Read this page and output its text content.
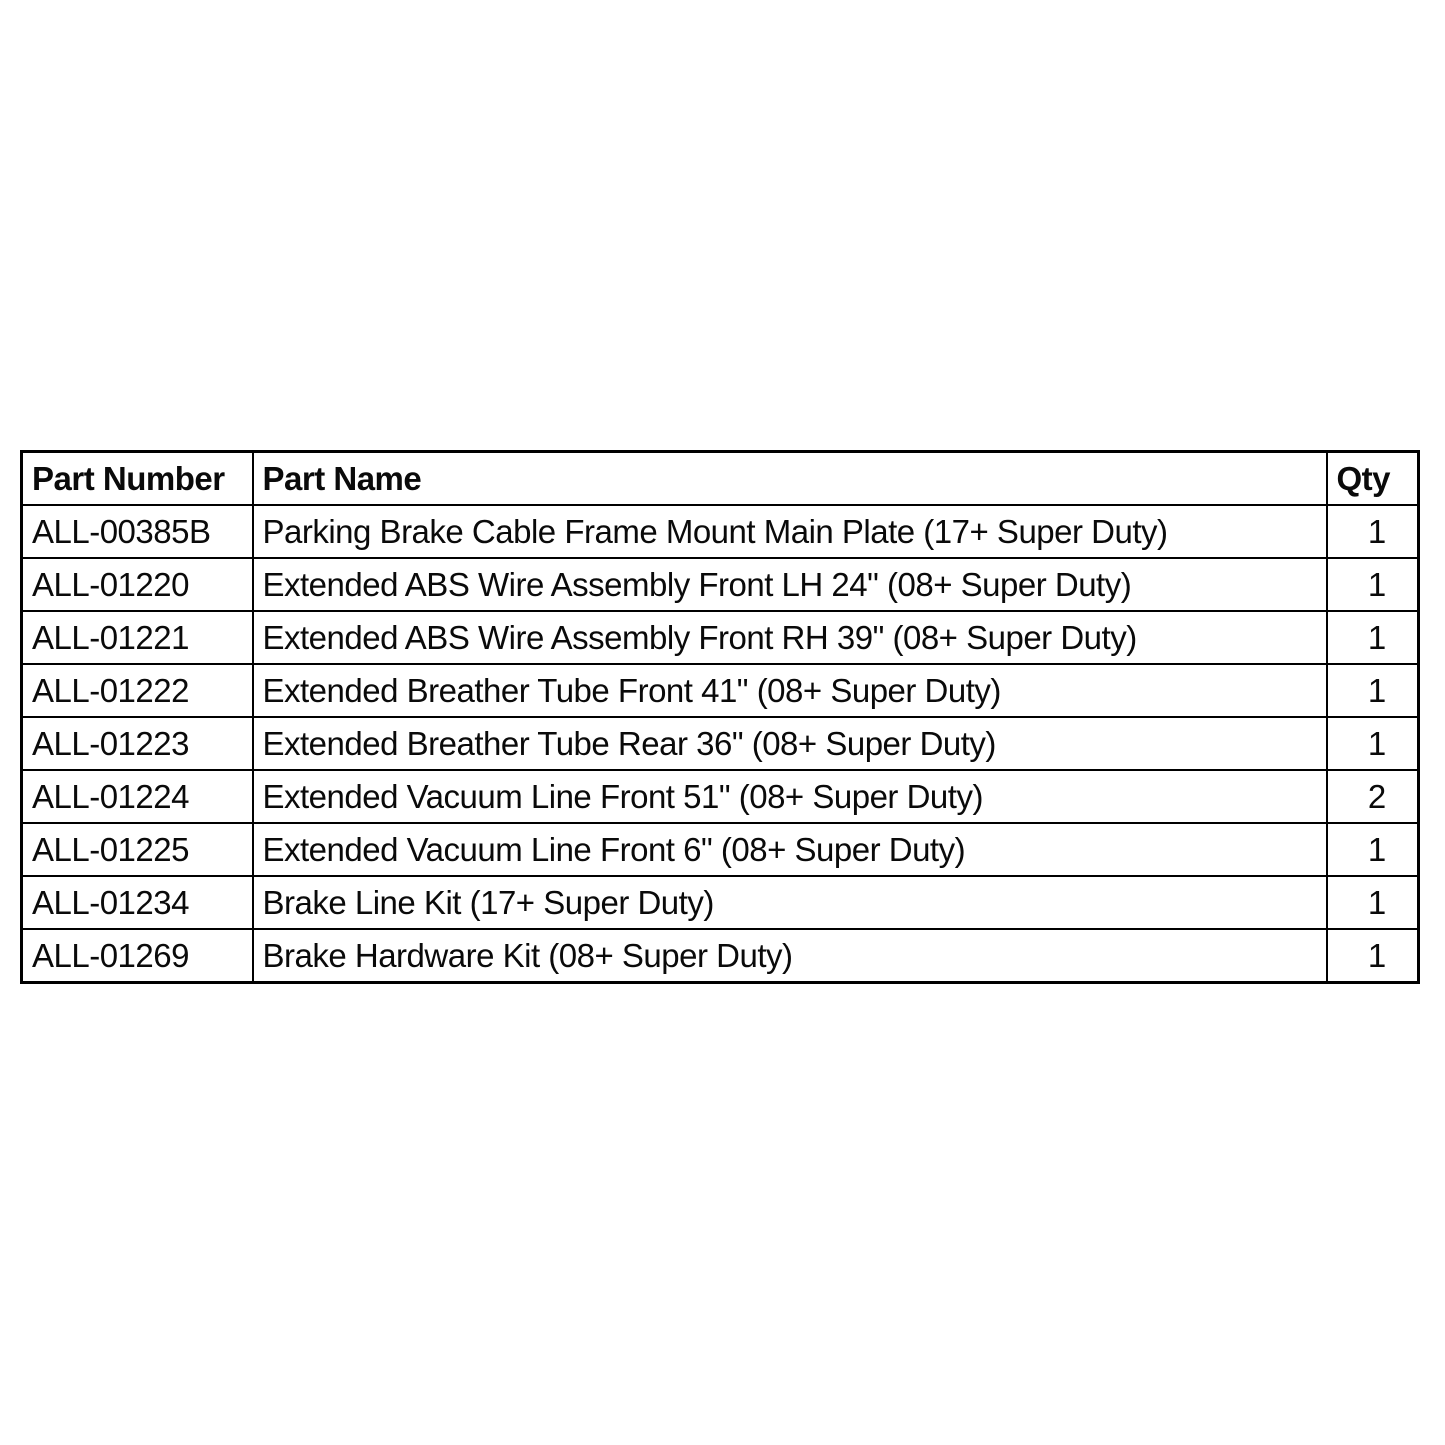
Part Number	Part Name	Qty
ALL-00385B	Parking Brake Cable Frame Mount Main Plate (17+ Super Duty)	1
ALL-01220	Extended ABS Wire Assembly Front LH 24" (08+ Super Duty)	1
ALL-01221	Extended ABS Wire Assembly Front RH 39" (08+ Super Duty)	1
ALL-01222	Extended Breather Tube Front 41" (08+ Super Duty)	1
ALL-01223	Extended Breather Tube Rear 36" (08+ Super Duty)	1
ALL-01224	Extended Vacuum Line Front 51" (08+ Super Duty)	2
ALL-01225	Extended Vacuum Line Front 6" (08+ Super Duty)	1
ALL-01234	Brake Line Kit (17+ Super Duty)	1
ALL-01269	Brake Hardware Kit (08+ Super Duty)	1
